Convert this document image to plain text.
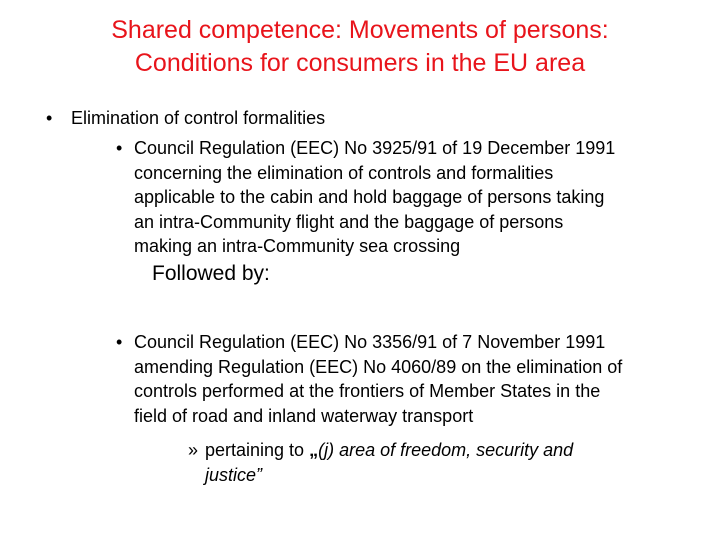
Shared competence: Movements of persons:
Conditions for consumers in the EU area
• Elimination of control formalities
• Council Regulation (EEC) No 3925/91 of 19 December 1991
concerning the elimination of controls and formalities
applicable to the cabin and hold baggage of persons taking
an intra-Community flight and the baggage of persons
making an intra-Community sea crossing
Followed by:
• Council Regulation (EEC) No 3356/91 of 7 November 1991
amending Regulation (EEC) No 4060/89 on the elimination of
controls performed at the frontiers of Member States in the
field of road and inland waterway transport
» pertaining to „(j) area of freedom, security and
justice”
